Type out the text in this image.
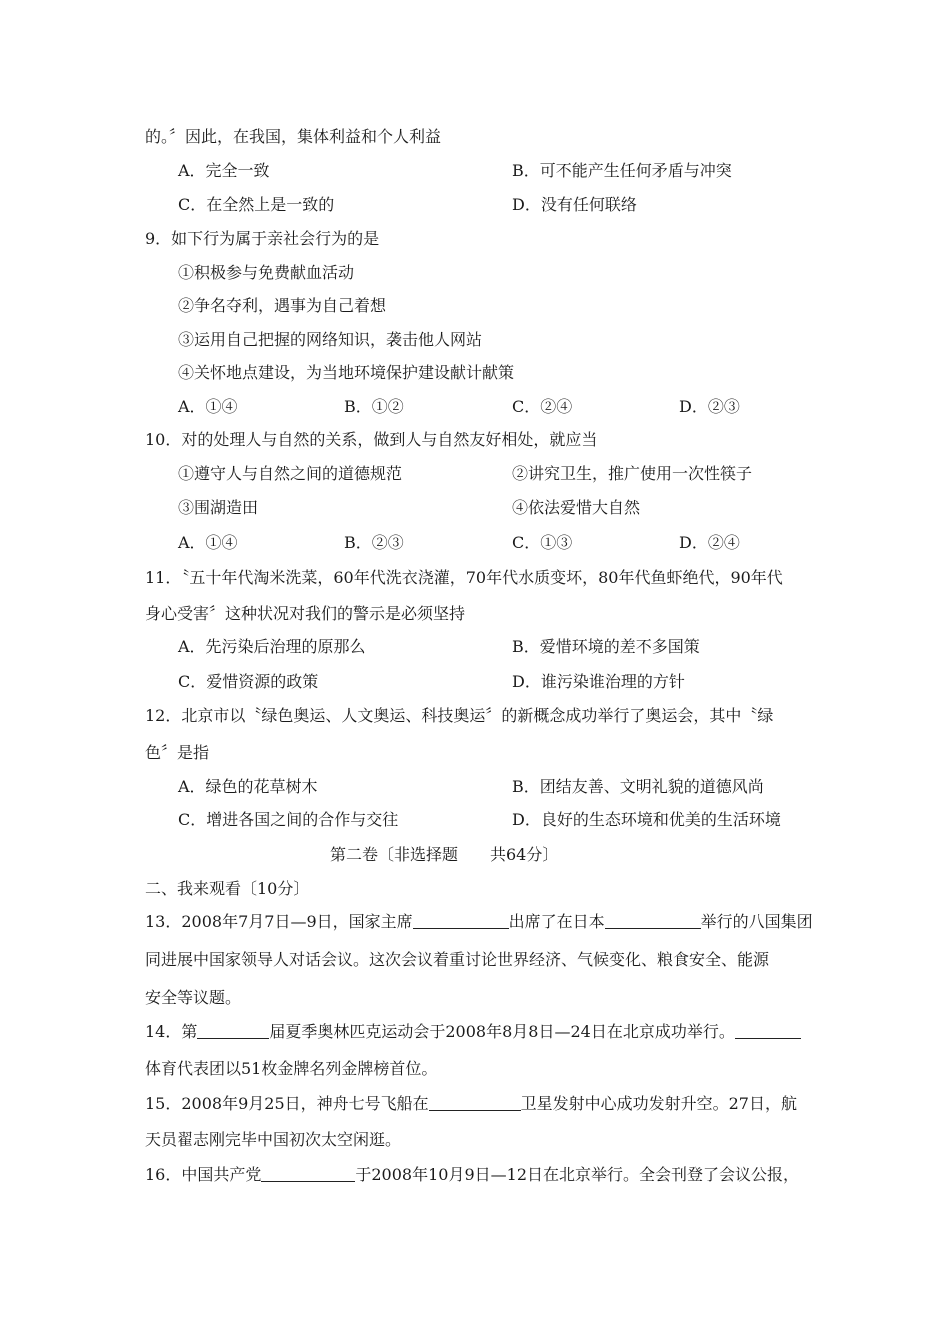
的。〞因此，在我国，集体利益和个人利益
A．完全一致	B．可不能产生任何矛盾与冲突
C．在全然上是一致的	D．没有任何联络
9．如下行为属于亲社会行为的是
①积极参与免费献血活动
②争名夺利，遇事为自己着想
③运用自己把握的网络知识，袭击他人网站
④关怀地点建设，为当地环境保护建设献计献策
A．①④	B．①②	C．②④	D．②③
10．对的处理人与自然的关系，做到人与自然友好相处，就应当
①遵守人与自然之间的道德规范	②讲究卫生，推广使用一次性筷子
③围湖造田	④依法爱惜大自然
A．①④	B．②③	C．①③	D．②④
11．〝五十年代淘米洗菜，60年代洗衣浇灌，70年代水质变坏，80年代鱼虾绝代，90年代
身心受害〞这种状况对我们的警示是必须坚持
A．先污染后治理的原那么	B．爱惜环境的差不多国策
C．爱惜资源的政策	D．谁污染谁治理的方针
12．北京市以〝绿色奥运、人文奥运、科技奥运〞的新概念成功举行了奥运会，其中〝绿
色〞是指
A．绿色的花草树木	B．团结友善、文明礼貌的道德风尚
C．增进各国之间的合作与交往	D．良好的生态环境和优美的生活环境
第二卷〔非选择题　　共64分〕
二、我来观看〔10分〕
13．2008年7月7日—9日，国家主席	出席了在日本	举行的八国集团
同进展中国家领导人对话会议。这次会议着重讨论世界经济、气候变化、粮食安全、能源
安全等议题。
14．第	届夏季奥林匹克运动会于2008年8月8日—24日在北京成功举行。
体育代表团以51枚金牌名列金牌榜首位。
15．2008年9月25日，神舟七号飞船在	卫星发射中心成功发射升空。27日，航
天员翟志刚完毕中国初次太空闲逛。
16．中国共产党	于2008年10月9日—12日在北京举行。全会刊登了会议公报，
